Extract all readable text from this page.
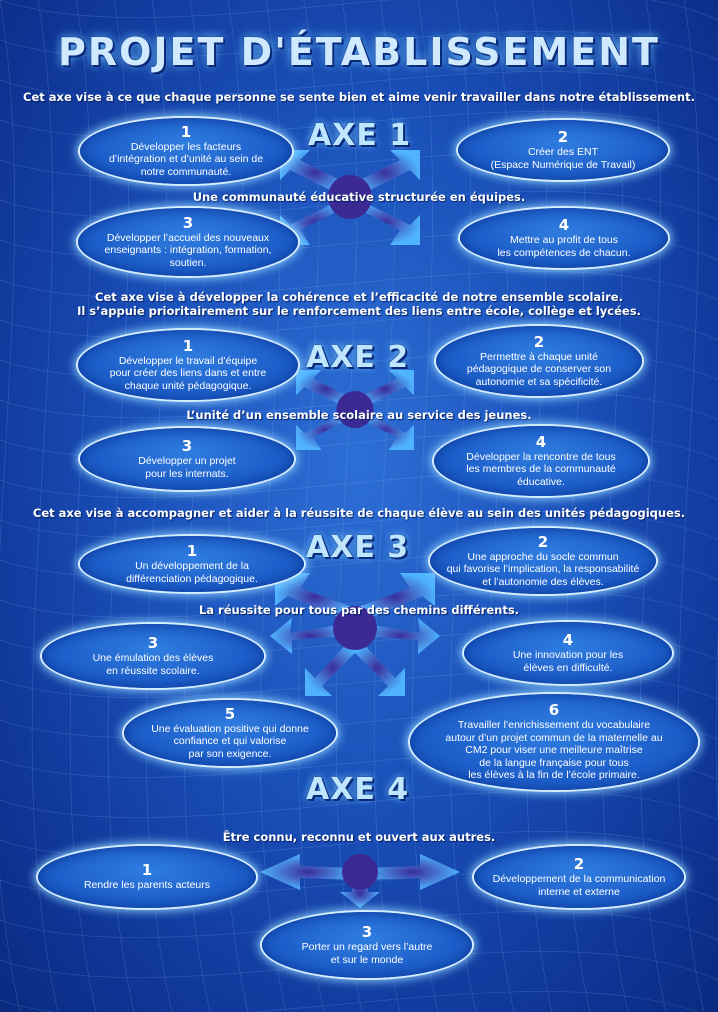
PROJET D'ÉTABLISSEMENT
Cet axe vise à ce que chaque personne se sente bien et aime venir travailler dans notre établissement.
AXE 1
1
Développer les facteurs
d’intégration et d’unité au sein de
notre communauté.
2
Créer des ENT
(Espace Numérique de Travail)
Une communauté éducative structurée en équipes.
3
Développer l’accueil des nouveaux
enseignants : intégration, formation,
soutien.
4
Mettre au profit de tous
les compétences de chacun.
Cet axe vise à développer la cohérence et l’efficacité de notre ensemble scolaire.
Il s’appuie prioritairement sur le renforcement des liens entre école, collège et lycées.
AXE 2
1
Développer le travail d’équipe
pour créer des liens dans et entre
chaque unité pédagogique.
2
Permettre à chaque unité
pédagogique de conserver son
autonomie et sa spécificité.
L’unité d’un ensemble scolaire au service des jeunes.
3
Développer un projet
pour les internats.
4
Développer la rencontre de tous
les membres de la communauté
éducative.
Cet axe vise à accompagner et aider à la réussite de chaque élève au sein des unités pédagogiques.
AXE 3
1
Un développement de la
différenciation pédagogique.
2
Une approche du socle commun
qui favorise l’implication, la responsabilité
et l’autonomie des élèves.
La réussite pour tous par des chemins différents.
3
Une émulation des élèves
en réussite scolaire.
4
Une innovation pour les
élèves en difficulté.
5
Une évaluation positive qui donne
confiance et qui valorise
par son exigence.
6
Travailler l’enrichissement du vocabulaire
autour d’un projet commun de la maternelle au
CM2 pour viser une meilleure maîtrise
de la langue française pour tous
les élèves à la fin de l’école primaire.
AXE 4
Être connu, reconnu et ouvert aux autres.
1
Rendre les parents acteurs
2
Développement de la communication
interne et externe
3
Porter un regard vers l’autre
et sur le monde
